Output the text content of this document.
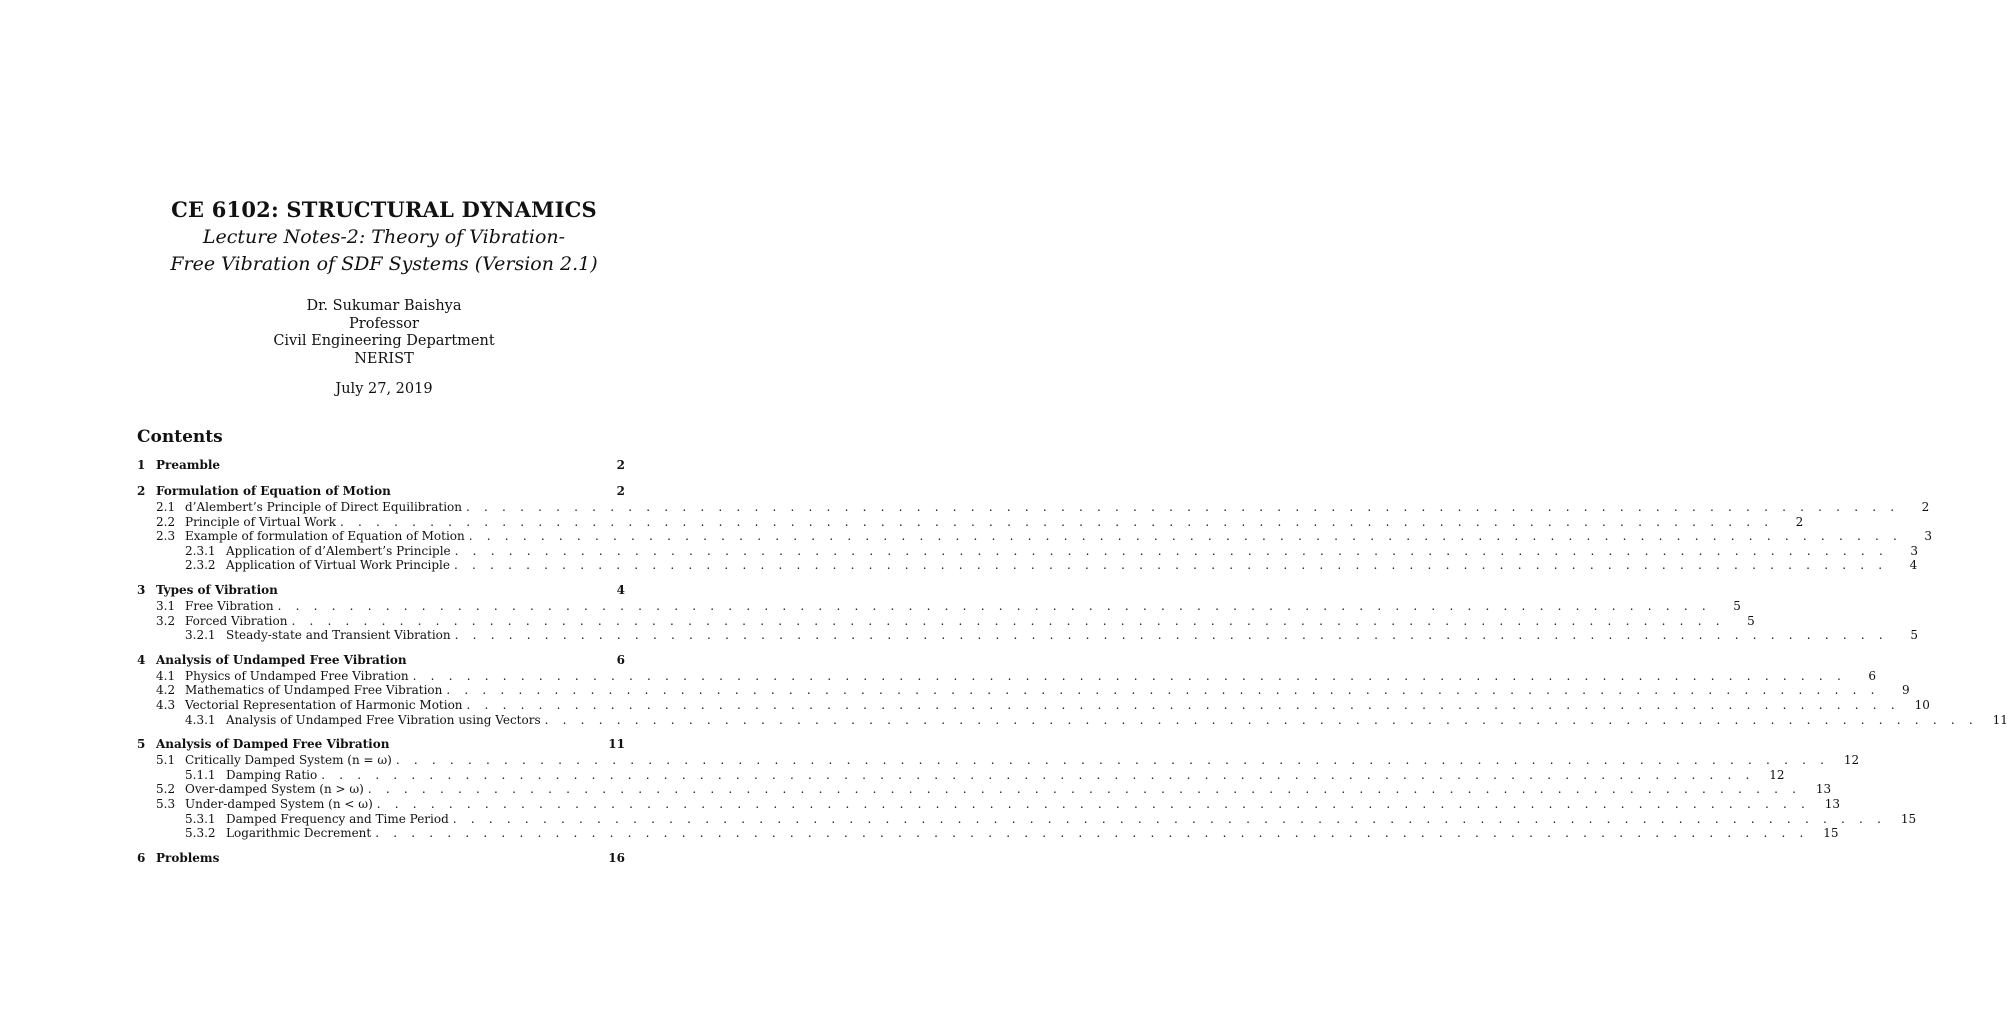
CE 6102: STRUCTURAL DYNAMICS
Lecture Notes-2: Theory of Vibration-
Free Vibration of SDF Systems (Version 2.1)
Dr. Sukumar Baishya
Professor
Civil Engineering Department
NERIST
July 27, 2019
Contents
1 Preamble	2
2 Formulation of Equation of Motion	2
2.1 d’Alembert’s Principle of Direct Equilibration . . . . . . . . . . . . . . . . . . . . . . . . . . . . . . . . . . . . . . . . . . . . . . . . . . . . . . . . . . . . . . . . . . . . . . . . . . . . . . . .	2
2.2 Principle of Virtual Work . . . . . . . . . . . . . . . . . . . . . . . . . . . . . . . . . . . . . . . . . . . . . . . . . . . . . . . . . . . . . . . . . . . . . . . . . . . . . . . .	2
2.3 Example of formulation of Equation of Motion . . . . . . . . . . . . . . . . . . . . . . . . . . . . . . . . . . . . . . . . . . . . . . . . . . . . . . . . . . . . . . . . . . . . . . . . . . . . . . . .	3
2.3.1 Application of d’Alembert’s Principle . . . . . . . . . . . . . . . . . . . . . . . . . . . . . . . . . . . . . . . . . . . . . . . . . . . . . . . . . . . . . . . . . . . . . . . . . . . . . . . .	3
2.3.2 Application of Virtual Work Principle . . . . . . . . . . . . . . . . . . . . . . . . . . . . . . . . . . . . . . . . . . . . . . . . . . . . . . . . . . . . . . . . . . . . . . . . . . . . . . . .	4
3 Types of Vibration	4
3.1 Free Vibration . . . . . . . . . . . . . . . . . . . . . . . . . . . . . . . . . . . . . . . . . . . . . . . . . . . . . . . . . . . . . . . . . . . . . . . . . . . . . . . .	5
3.2 Forced Vibration . . . . . . . . . . . . . . . . . . . . . . . . . . . . . . . . . . . . . . . . . . . . . . . . . . . . . . . . . . . . . . . . . . . . . . . . . . . . . . . .	5
3.2.1 Steady-state and Transient Vibration . . . . . . . . . . . . . . . . . . . . . . . . . . . . . . . . . . . . . . . . . . . . . . . . . . . . . . . . . . . . . . . . . . . . . . . . . . . . . . . .	5
4 Analysis of Undamped Free Vibration	6
4.1 Physics of Undamped Free Vibration . . . . . . . . . . . . . . . . . . . . . . . . . . . . . . . . . . . . . . . . . . . . . . . . . . . . . . . . . . . . . . . . . . . . . . . . . . . . . . . .	6
4.2 Mathematics of Undamped Free Vibration . . . . . . . . . . . . . . . . . . . . . . . . . . . . . . . . . . . . . . . . . . . . . . . . . . . . . . . . . . . . . . . . . . . . . . . . . . . . . . . .	9
4.3 Vectorial Representation of Harmonic Motion . . . . . . . . . . . . . . . . . . . . . . . . . . . . . . . . . . . . . . . . . . . . . . . . . . . . . . . . . . . . . . . . . . . . . . . . . . . . . . . .	10
4.3.1 Analysis of Undamped Free Vibration using Vectors . . . . . . . . . . . . . . . . . . . . . . . . . . . . . . . . . . . . . . . . . . . . . . . . . . . . . . . . . . . . . . . . . . . . . . . . . . . . . . . .	11
5 Analysis of Damped Free Vibration	11
5.1 Critically Damped System (n = ω) . . . . . . . . . . . . . . . . . . . . . . . . . . . . . . . . . . . . . . . . . . . . . . . . . . . . . . . . . . . . . . . . . . . . . . . . . . . . . . . .	12
5.1.1 Damping Ratio . . . . . . . . . . . . . . . . . . . . . . . . . . . . . . . . . . . . . . . . . . . . . . . . . . . . . . . . . . . . . . . . . . . . . . . . . . . . . . . .	12
5.2 Over-damped System (n > ω) . . . . . . . . . . . . . . . . . . . . . . . . . . . . . . . . . . . . . . . . . . . . . . . . . . . . . . . . . . . . . . . . . . . . . . . . . . . . . . . .	13
5.3 Under-damped System (n < ω) . . . . . . . . . . . . . . . . . . . . . . . . . . . . . . . . . . . . . . . . . . . . . . . . . . . . . . . . . . . . . . . . . . . . . . . . . . . . . . . .	13
5.3.1 Damped Frequency and Time Period . . . . . . . . . . . . . . . . . . . . . . . . . . . . . . . . . . . . . . . . . . . . . . . . . . . . . . . . . . . . . . . . . . . . . . . . . . . . . . . .	15
5.3.2 Logarithmic Decrement . . . . . . . . . . . . . . . . . . . . . . . . . . . . . . . . . . . . . . . . . . . . . . . . . . . . . . . . . . . . . . . . . . . . . . . . . . . . . . . .	15
6 Problems	16
